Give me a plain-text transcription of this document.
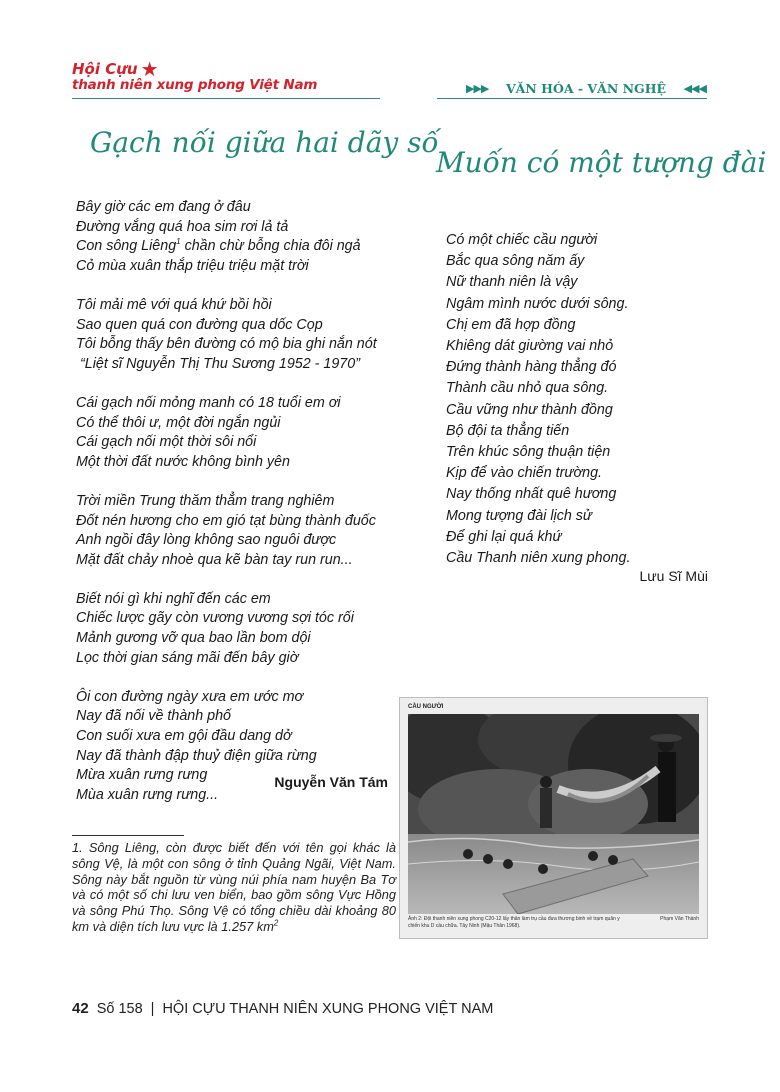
Hội Cựu ★
thanh niên xung phong Việt Nam	▶▶▶ VĂN HÓA - VĂN NGHỆ ◀◀◀
Gạch nối giữa hai dãy số
Muốn có một tượng đài
Bây giờ các em đang ở đâu
Đường vắng quá hoa sim rơi lả tả
Con sông Liêng$^1$ chần chừ bỗng chia đôi ngả
Cỏ mùa xuân thắp triệu triệu mặt trời
Tôi mải mê với quá khứ bồi hồi
Sao quen quá con đường qua dốc Cọp
Tôi bỗng thấy bên đường có mộ bia ghi nắn nót
“Liệt sĩ Nguyễn Thị Thu Sương 1952 - 1970”
Cái gạch nối mỏng manh có 18 tuổi em ơi
Có thể thôi ư, một đời ngắn ngủi
Cái gạch nối một thời sôi nổi
Một thời đất nước không bình yên
Trời miền Trung thăm thẳm trang nghiêm
Đốt nén hương cho em gió tạt bùng thành đuốc
Anh ngồi đây lòng không sao nguôi được
Mặt đất chảy nhoè qua kẽ bàn tay run run...
Biết nói gì khi nghĩ đến các em
Chiếc lược gãy còn vương vương sợi tóc rối
Mảnh gương vỡ qua bao lần bom dội
Lọc thời gian sáng mãi đến bây giờ
Ôi con đường ngày xưa em ước mơ
Nay đã nối về thành phố
Con suối xưa em gội đầu dang dở
Nay đã thành đập thuỷ điện giữa rừng
Mừa xuân rưng rưng
Mùa xuân rưng rưng...
Nguyễn Văn Tám
Có một chiếc cầu người
Bắc qua sông năm ấy
Nữ thanh niên là vậy
Ngâm mình nước dưới sông.
Chị em đã hợp đồng
Khiêng dát giường vai nhỏ
Đứng thành hàng thẳng đó
Thành cầu nhỏ qua sông.
Cầu vững như thành đồng
Bộ đội ta thẳng tiến
Trên khúc sông thuận tiện
Kịp để vào chiến trường.
Nay thống nhất quê hương
Mong tượng đài lịch sử
Để ghi lại quá khứ
Cầu Thanh niên xung phong.
Lưu Sĩ Mùi
1. Sông Liêng, còn được biết đến với tên gọi khác là sông Vệ, là một con sông ở tỉnh Quảng Ngãi, Việt Nam. Sông này bắt nguồn từ vùng núi phía nam huyện Ba Tơ và có một số chi lưu ven biển, bao gồm sông Vực Hồng và sông Phú Thọ. Sông Vệ có tổng chiều dài khoảng 80 km và diện tích lưu vực là 1.257 $km^2$
CẦU NGƯỜI
Ảnh 2: Đội thanh niên xung phong C20-12 lấy thân làm trụ cầu đưa thương binh về trạm quân y chiến khu D cầu chữa. Tây Ninh (Mậu Thân 1968).
Phạm Văn Thành
42 Số 158 | HỘI CỰU THANH NIÊN XUNG PHONG VIỆT NAM
